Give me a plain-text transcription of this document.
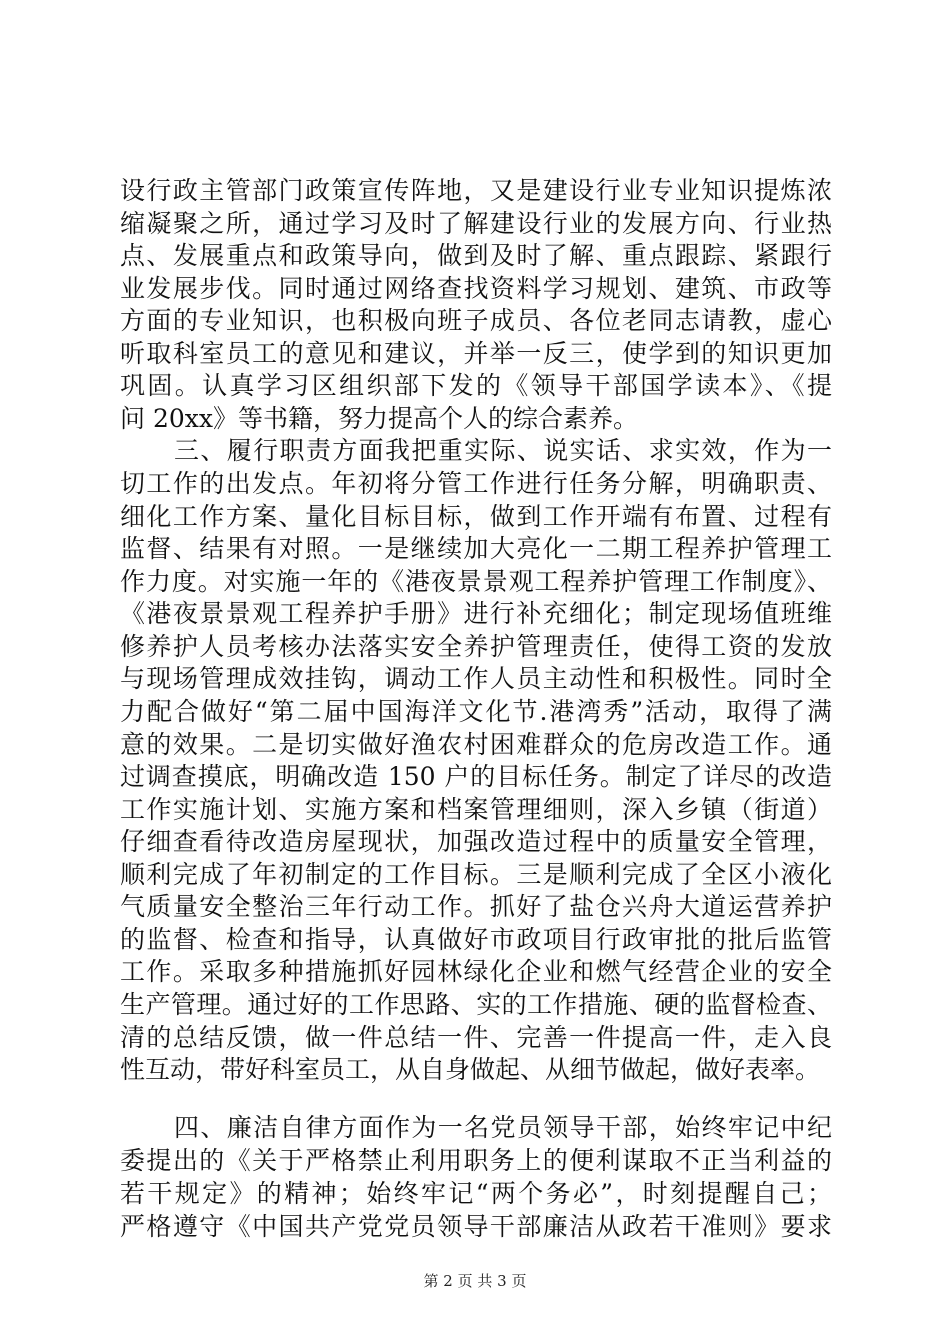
设行政主管部门政策宣传阵地，又是建设行业专业知识提炼浓
缩凝聚之所，通过学习及时了解建设行业的发展方向、行业热
点、发展重点和政策导向，做到及时了解、重点跟踪、紧跟行
业发展步伐。同时通过网络查找资料学习规划、建筑、市政等
方面的专业知识，也积极向班子成员、各位老同志请教，虚心
听取科室员工的意见和建议，并举一反三，使学到的知识更加
巩固。认真学习区组织部下发的《领导干部国学读本》、《提
问 20xx》等书籍，努力提高个人的综合素养。
三、履行职责方面我把重实际、说实话、求实效，作为一
切工作的出发点。年初将分管工作进行任务分解，明确职责、
细化工作方案、量化目标目标，做到工作开端有布置、过程有
监督、结果有对照。一是继续加大亮化一二期工程养护管理工
作力度。对实施一年的《港夜景景观工程养护管理工作制度》、
《港夜景景观工程养护手册》进行补充细化；制定现场值班维
修养护人员考核办法落实安全养护管理责任，使得工资的发放
与现场管理成效挂钩，调动工作人员主动性和积极性。同时全
力配合做好“第二届中国海洋文化节.港湾秀”活动，取得了满
意的效果。二是切实做好渔农村困难群众的危房改造工作。通
过调查摸底，明确改造 150 户的目标任务。制定了详尽的改造
工作实施计划、实施方案和档案管理细则，深入乡镇（街道）
仔细查看待改造房屋现状，加强改造过程中的质量安全管理，
顺利完成了年初制定的工作目标。三是顺利完成了全区小液化
气质量安全整治三年行动工作。抓好了盐仓兴舟大道运营养护
的监督、检查和指导，认真做好市政项目行政审批的批后监管
工作。采取多种措施抓好园林绿化企业和燃气经营企业的安全
生产管理。通过好的工作思路、实的工作措施、硬的监督检查、
清的总结反馈，做一件总结一件、完善一件提高一件，走入良
性互动，带好科室员工，从自身做起、从细节做起，做好表率。
四、廉洁自律方面作为一名党员领导干部，始终牢记中纪
委提出的《关于严格禁止利用职务上的便利谋取不正当利益的
若干规定》的精神；始终牢记“两个务必”，时刻提醒自己；
严格遵守《中国共产党党员领导干部廉洁从政若干准则》要求
第 2 页 共 3 页
